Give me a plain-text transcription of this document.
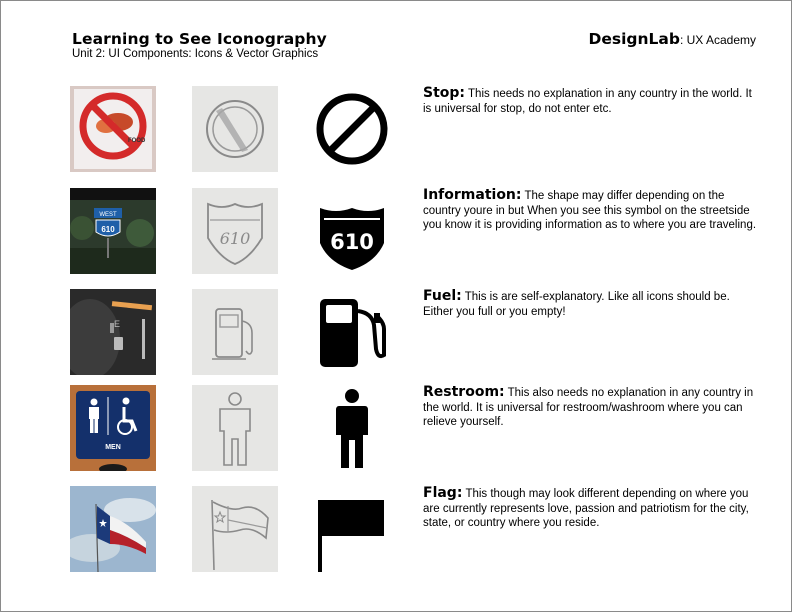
Learning to See Iconography
Unit 2: UI Components: Icons & Vector Graphics
DesignLab: UX Academy
FOOD
Stop: This needs no explanation in any country in the world. It is universal for stop, do not enter etc.
WEST
610	610	610
Information: The shape may differ depending on the country youre in but When you see this symbol on the streetside you know it is providing information as to where you are traveling.
E
Fuel: This is are self-explanatory. Like all icons should be. Either you full or you empty!
MEN
Restroom: This also needs no explanation in any country in the world. It is universal for restroom/washroom where you can relieve yourself.
Flag: This though may look different depending on where you are currently represents love, passion and patriotism for the city, state, or country where you reside.
